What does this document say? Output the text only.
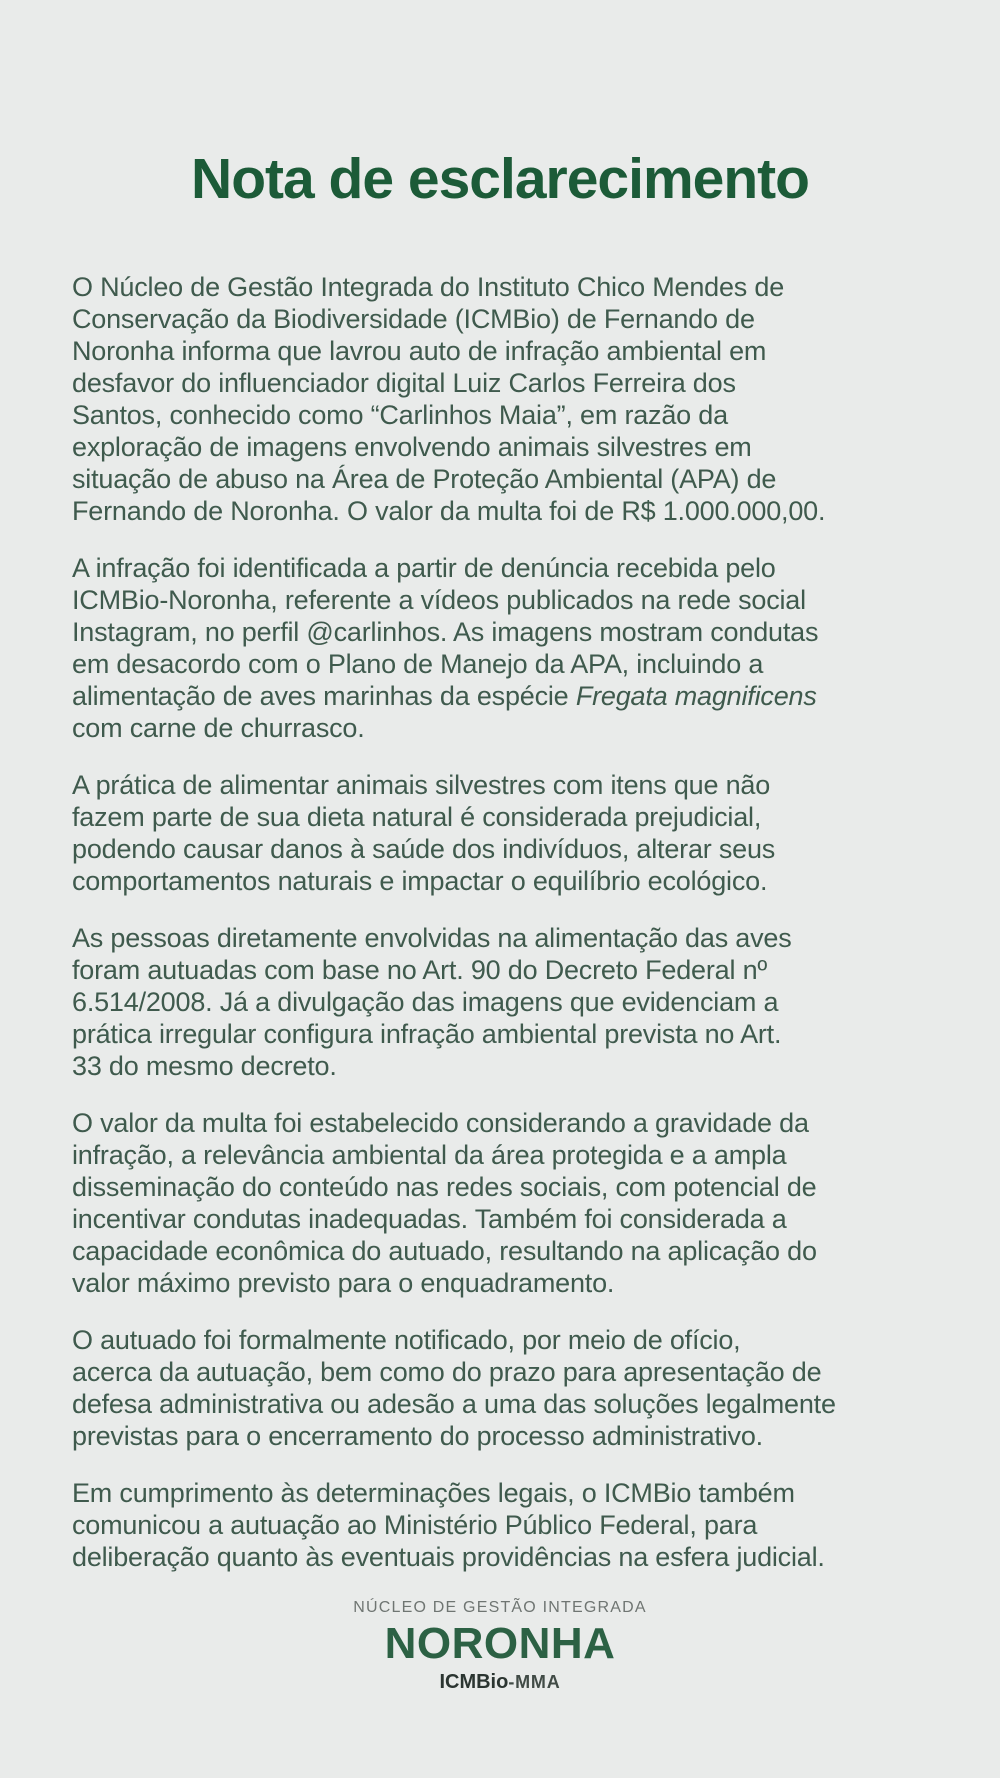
Nota de esclarecimento

O Núcleo de Gestão Integrada do Instituto Chico Mendes de
Conservação da Biodiversidade (ICMBio) de Fernando de
Noronha informa que lavrou auto de infração ambiental em
desfavor do influenciador digital Luiz Carlos Ferreira dos
Santos, conhecido como “Carlinhos Maia”, em razão da
exploração de imagens envolvendo animais silvestres em
situação de abuso na Área de Proteção Ambiental (APA) de
Fernando de Noronha. O valor da multa foi de R$ 1.000.000,00.

A infração foi identificada a partir de denúncia recebida pelo
ICMBio-Noronha, referente a vídeos publicados na rede social
Instagram, no perfil @carlinhos. As imagens mostram condutas
em desacordo com o Plano de Manejo da APA, incluindo a
alimentação de aves marinhas da espécie Fregata magnificens
com carne de churrasco.

A prática de alimentar animais silvestres com itens que não
fazem parte de sua dieta natural é considerada prejudicial,
podendo causar danos à saúde dos indivíduos, alterar seus
comportamentos naturais e impactar o equilíbrio ecológico.

As pessoas diretamente envolvidas na alimentação das aves
foram autuadas com base no Art. 90 do Decreto Federal nº
6.514/2008. Já a divulgação das imagens que evidenciam a
prática irregular configura infração ambiental prevista no Art.
33 do mesmo decreto.

O valor da multa foi estabelecido considerando a gravidade da
infração, a relevância ambiental da área protegida e a ampla
disseminação do conteúdo nas redes sociais, com potencial de
incentivar condutas inadequadas. Também foi considerada a
capacidade econômica do autuado, resultando na aplicação do
valor máximo previsto para o enquadramento.

O autuado foi formalmente notificado, por meio de ofício,
acerca da autuação, bem como do prazo para apresentação de
defesa administrativa ou adesão a uma das soluções legalmente
previstas para o encerramento do processo administrativo.

Em cumprimento às determinações legais, o ICMBio também
comunicou a autuação ao Ministério Público Federal, para
deliberação quanto às eventuais providências na esfera judicial.

NÚCLEO DE GESTÃO INTEGRADA
NORONHA
ICMBio-MMA
